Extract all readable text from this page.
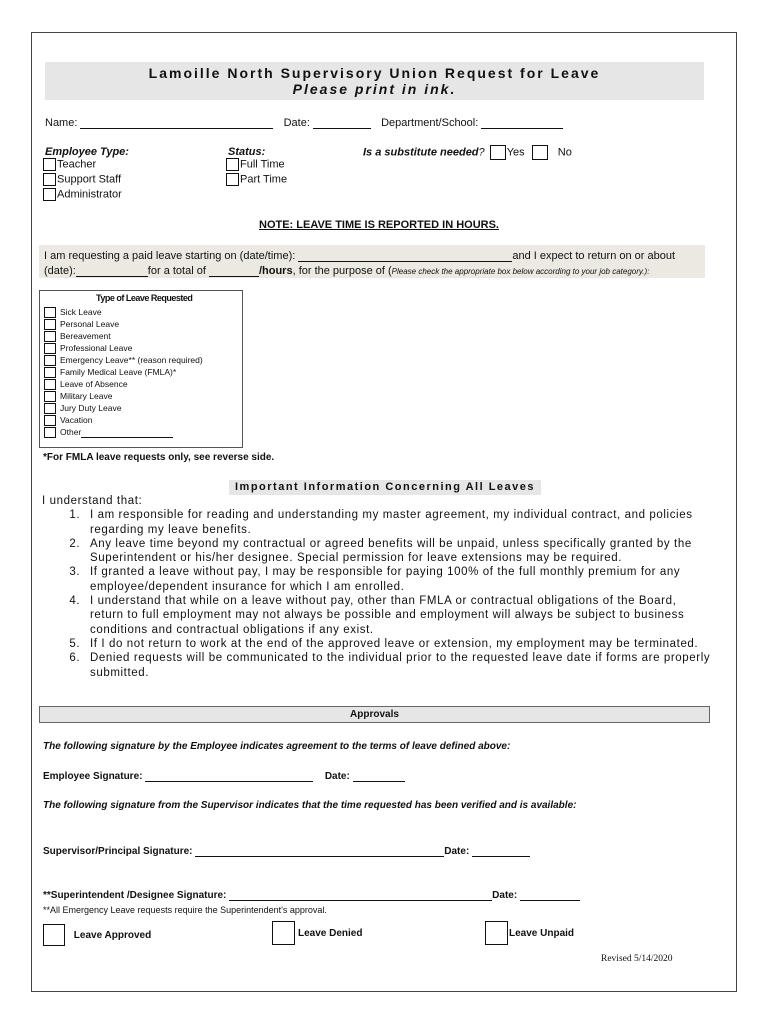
Lamoille North Supervisory Union Request for Leave
Please print in ink.
Name:	Date:	Department/School:
Employee Type:
Teacher
Support Staff
Administrator
Status:
Full Time
Part Time
Is a substitute needed? Yes	No
NOTE: LEAVE TIME IS REPORTED IN HOURS.
I am requesting a paid leave starting on (date/time):	and I expect to return on or about
(date):	for a total of	/hours, for the purpose of (Please check the appropriate box below according to your job category.):
Type of Leave Requested
Sick Leave
Personal Leave
Bereavement
Professional Leave
Emergency Leave** (reason required)
Family Medical Leave (FMLA)*
Leave of Absence
Military Leave
Jury Duty Leave
Vacation
Other
*For FMLA leave requests only, see reverse side.
Important Information Concerning All Leaves
I understand that:
1. I am responsible for reading and understanding my master agreement, my individual contract, and policies regarding my leave benefits.
2. Any leave time beyond my contractual or agreed benefits will be unpaid, unless specifically granted by the Superintendent or his/her designee. Special permission for leave extensions may be required.
3. If granted a leave without pay, I may be responsible for paying 100% of the full monthly premium for any employee/dependent insurance for which I am enrolled.
4. I understand that while on a leave without pay, other than FMLA or contractual obligations of the Board, return to full employment may not always be possible and employment will always be subject to business conditions and contractual obligations if any exist.
5. If I do not return to work at the end of the approved leave or extension, my employment may be terminated.
6. Denied requests will be communicated to the individual prior to the requested leave date if forms are properly submitted.
Approvals
The following signature by the Employee indicates agreement to the terms of leave defined above:
Employee Signature:	Date:
The following signature from the Supervisor indicates that the time requested has been verified and is available:
Supervisor/Principal Signature:	Date:
**Superintendent /Designee Signature:	Date:
**All Emergency Leave requests require the Superintendent's approval.
Leave Approved	Leave Denied	Leave Unpaid
Revised 5/14/2020
